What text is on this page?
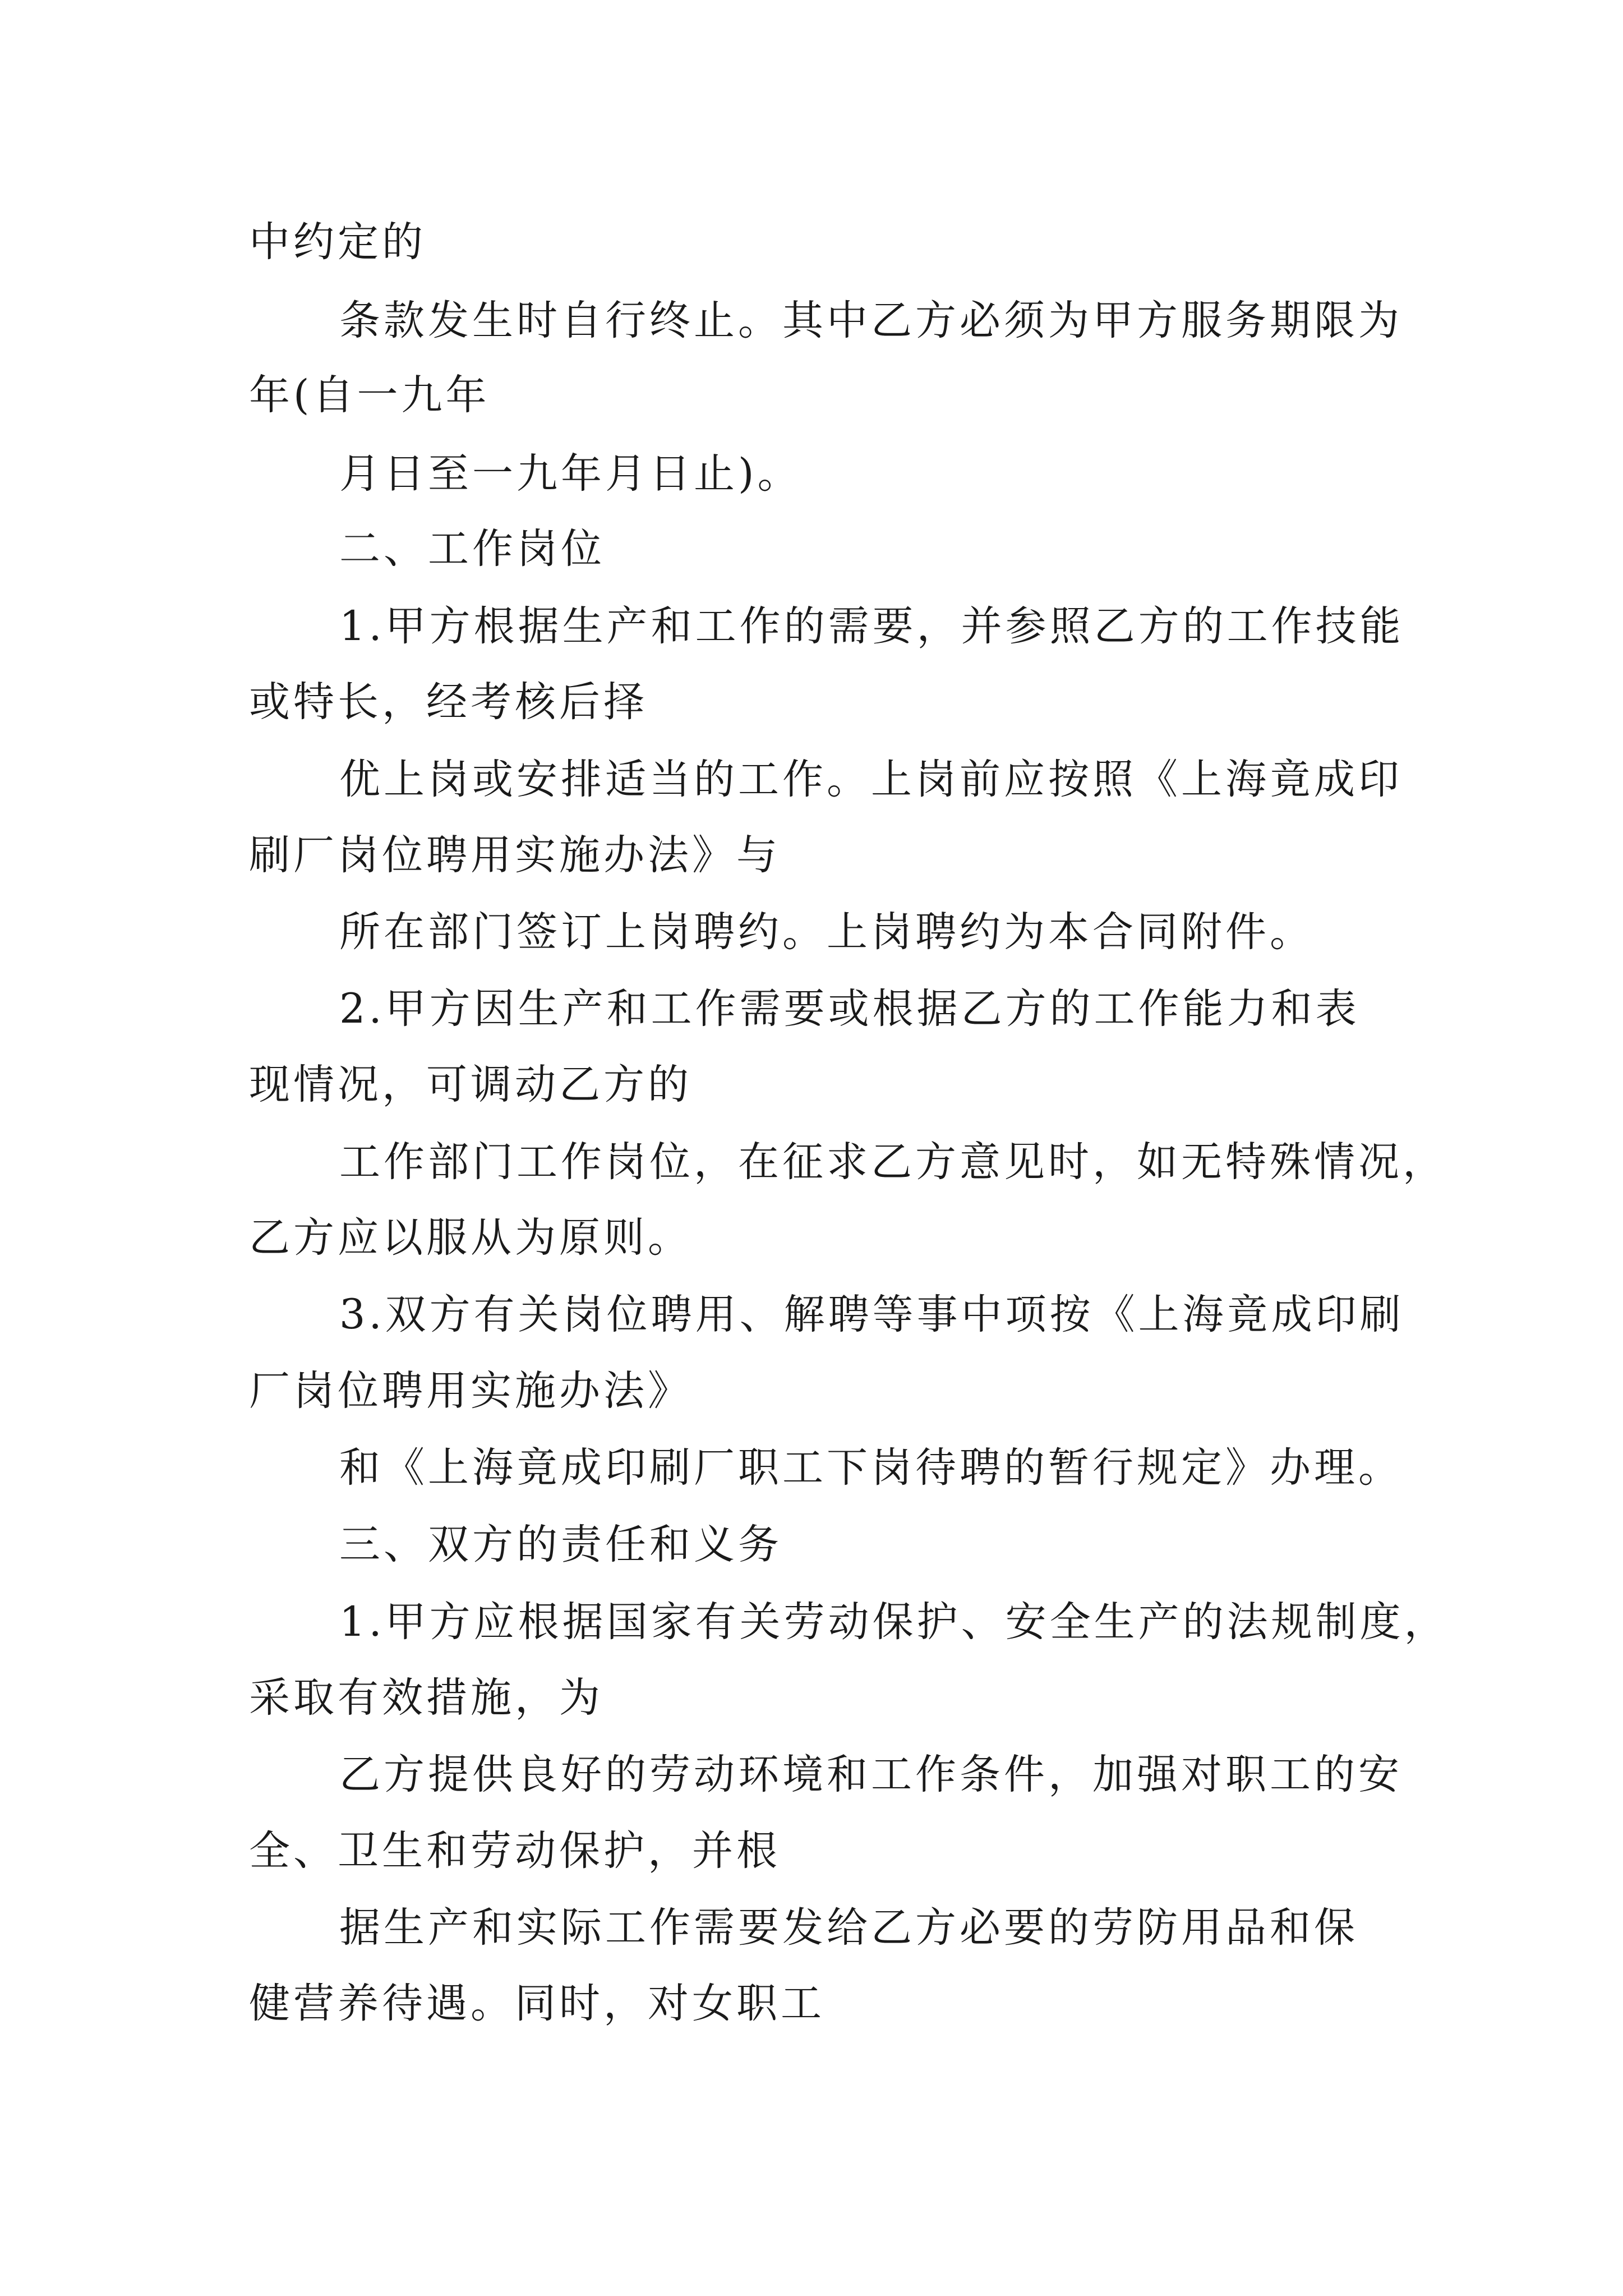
中约定的
条款发生时自行终止。其中乙方必须为甲方服务期限为
年(自一九年
月日至一九年月日止)。
二、工作岗位
1.甲方根据生产和工作的需要，并参照乙方的工作技能
或特长，经考核后择
优上岗或安排适当的工作。上岗前应按照《上海竟成印
刷厂岗位聘用实施办法》与
所在部门签订上岗聘约。上岗聘约为本合同附件。
2.甲方因生产和工作需要或根据乙方的工作能力和表
现情况，可调动乙方的
工作部门工作岗位，在征求乙方意见时，如无特殊情况，
乙方应以服从为原则。
3.双方有关岗位聘用、解聘等事中项按《上海竟成印刷
厂岗位聘用实施办法》
和《上海竟成印刷厂职工下岗待聘的暂行规定》办理。
三、双方的责任和义务
1.甲方应根据国家有关劳动保护、安全生产的法规制度，
采取有效措施，为
乙方提供良好的劳动环境和工作条件，加强对职工的安
全、卫生和劳动保护，并根
据生产和实际工作需要发给乙方必要的劳防用品和保
健营养待遇。同时，对女职工
